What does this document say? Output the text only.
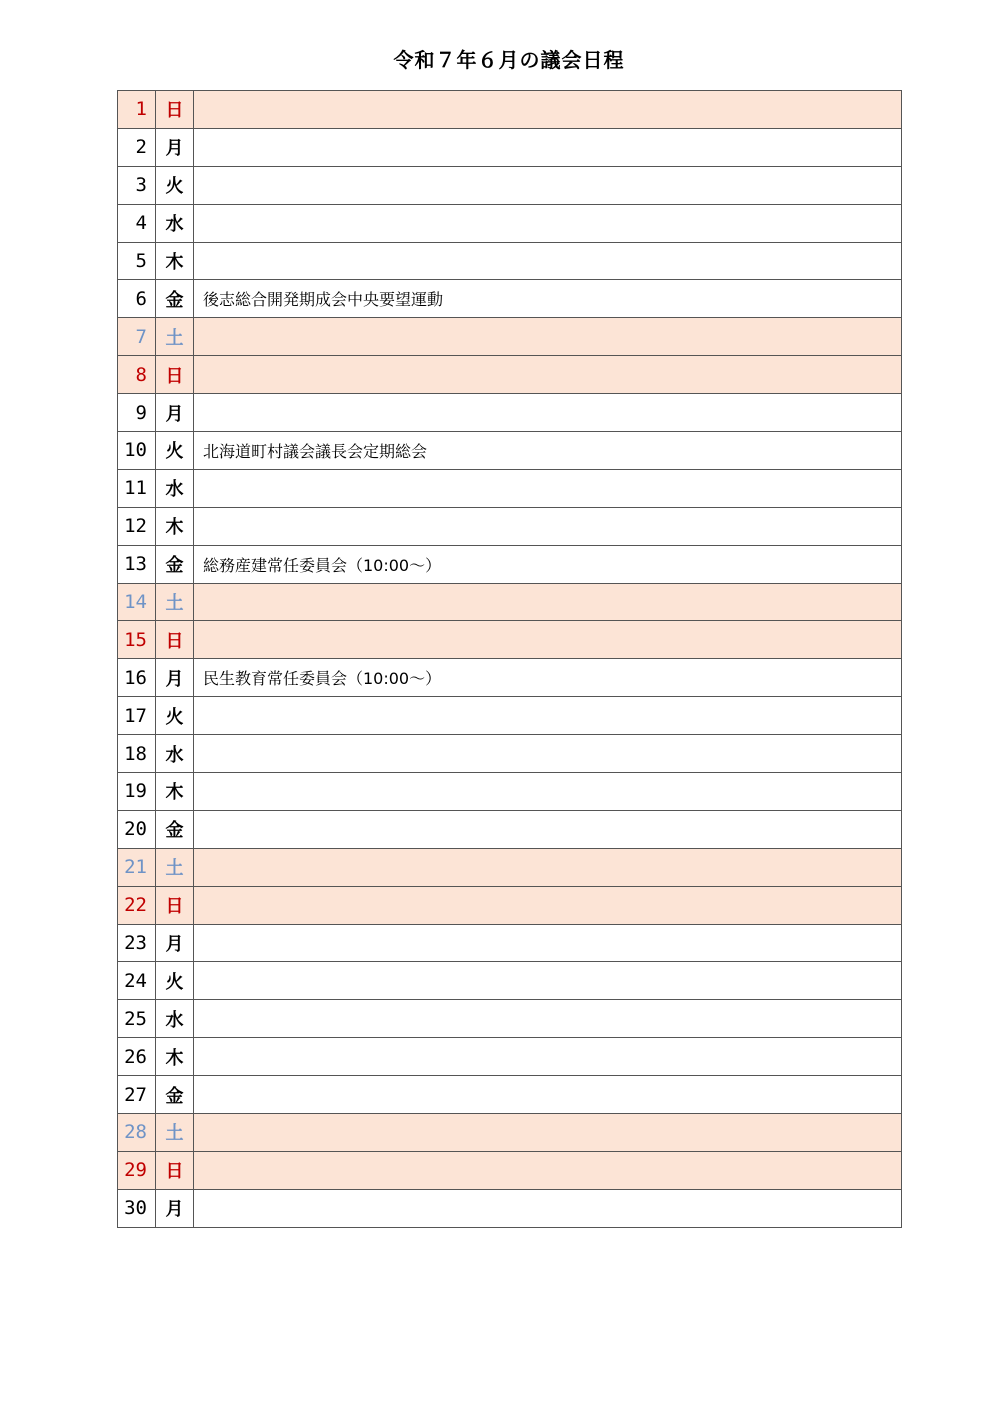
令和７年６月の議会日程
1	日	
2	月	
3	火	
4	水	
5	木	
6	金	後志総合開発期成会中央要望運動
7	土	
8	日	
9	月	
10	火	北海道町村議会議長会定期総会
11	水	
12	木	
13	金	総務産建常任委員会（10:00～）
14	土	
15	日	
16	月	民生教育常任委員会（10:00～）
17	火	
18	水	
19	木	
20	金	
21	土	
22	日	
23	月	
24	火	
25	水	
26	木	
27	金	
28	土	
29	日	
30	月	
